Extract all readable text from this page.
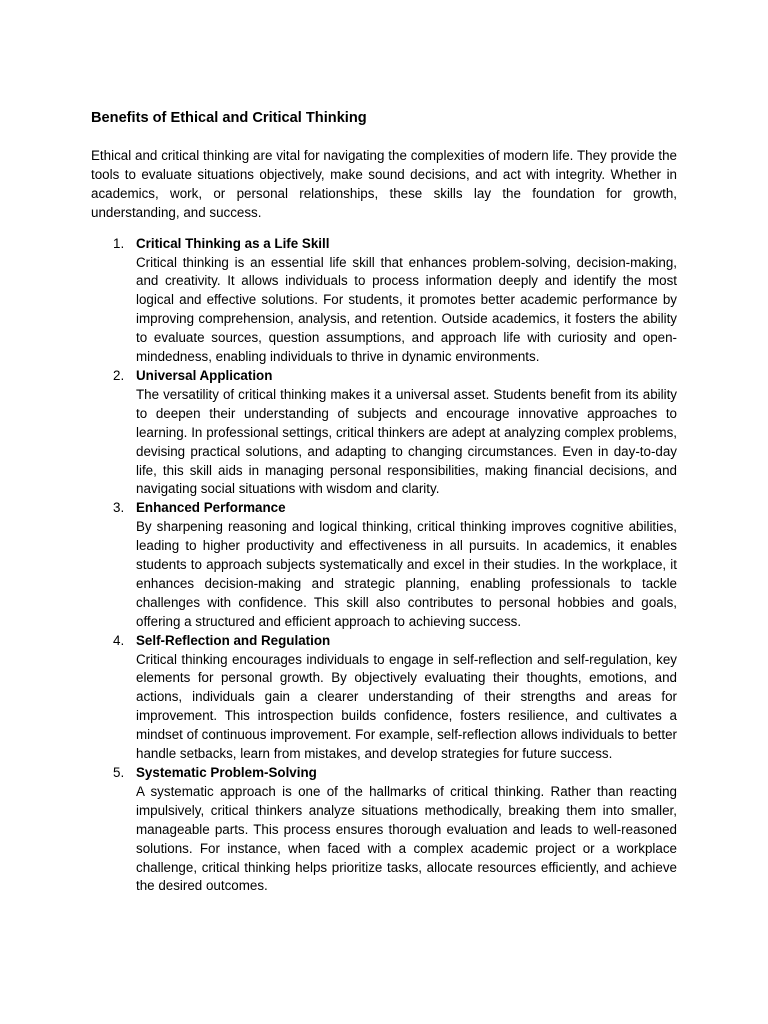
Benefits of Ethical and Critical Thinking

Ethical and critical thinking are vital for navigating the complexities of modern life. They provide the tools to evaluate situations objectively, make sound decisions, and act with integrity. Whether in academics, work, or personal relationships, these skills lay the foundation for growth, understanding, and success.

1. Critical Thinking as a Life Skill
Critical thinking is an essential life skill that enhances problem-solving, decision-making, and creativity. It allows individuals to process information deeply and identify the most logical and effective solutions. For students, it promotes better academic performance by improving comprehension, analysis, and retention. Outside academics, it fosters the ability to evaluate sources, question assumptions, and approach life with curiosity and open-mindedness, enabling individuals to thrive in dynamic environments.
2. Universal Application
The versatility of critical thinking makes it a universal asset. Students benefit from its ability to deepen their understanding of subjects and encourage innovative approaches to learning. In professional settings, critical thinkers are adept at analyzing complex problems, devising practical solutions, and adapting to changing circumstances. Even in day-to-day life, this skill aids in managing personal responsibilities, making financial decisions, and navigating social situations with wisdom and clarity.
3. Enhanced Performance
By sharpening reasoning and logical thinking, critical thinking improves cognitive abilities, leading to higher productivity and effectiveness in all pursuits. In academics, it enables students to approach subjects systematically and excel in their studies. In the workplace, it enhances decision-making and strategic planning, enabling professionals to tackle challenges with confidence. This skill also contributes to personal hobbies and goals, offering a structured and efficient approach to achieving success.
4. Self-Reflection and Regulation
Critical thinking encourages individuals to engage in self-reflection and self-regulation, key elements for personal growth. By objectively evaluating their thoughts, emotions, and actions, individuals gain a clearer understanding of their strengths and areas for improvement. This introspection builds confidence, fosters resilience, and cultivates a mindset of continuous improvement. For example, self-reflection allows individuals to better handle setbacks, learn from mistakes, and develop strategies for future success.
5. Systematic Problem-Solving
A systematic approach is one of the hallmarks of critical thinking. Rather than reacting impulsively, critical thinkers analyze situations methodically, breaking them into smaller, manageable parts. This process ensures thorough evaluation and leads to well-reasoned solutions. For instance, when faced with a complex academic project or a workplace challenge, critical thinking helps prioritize tasks, allocate resources efficiently, and achieve the desired outcomes.
